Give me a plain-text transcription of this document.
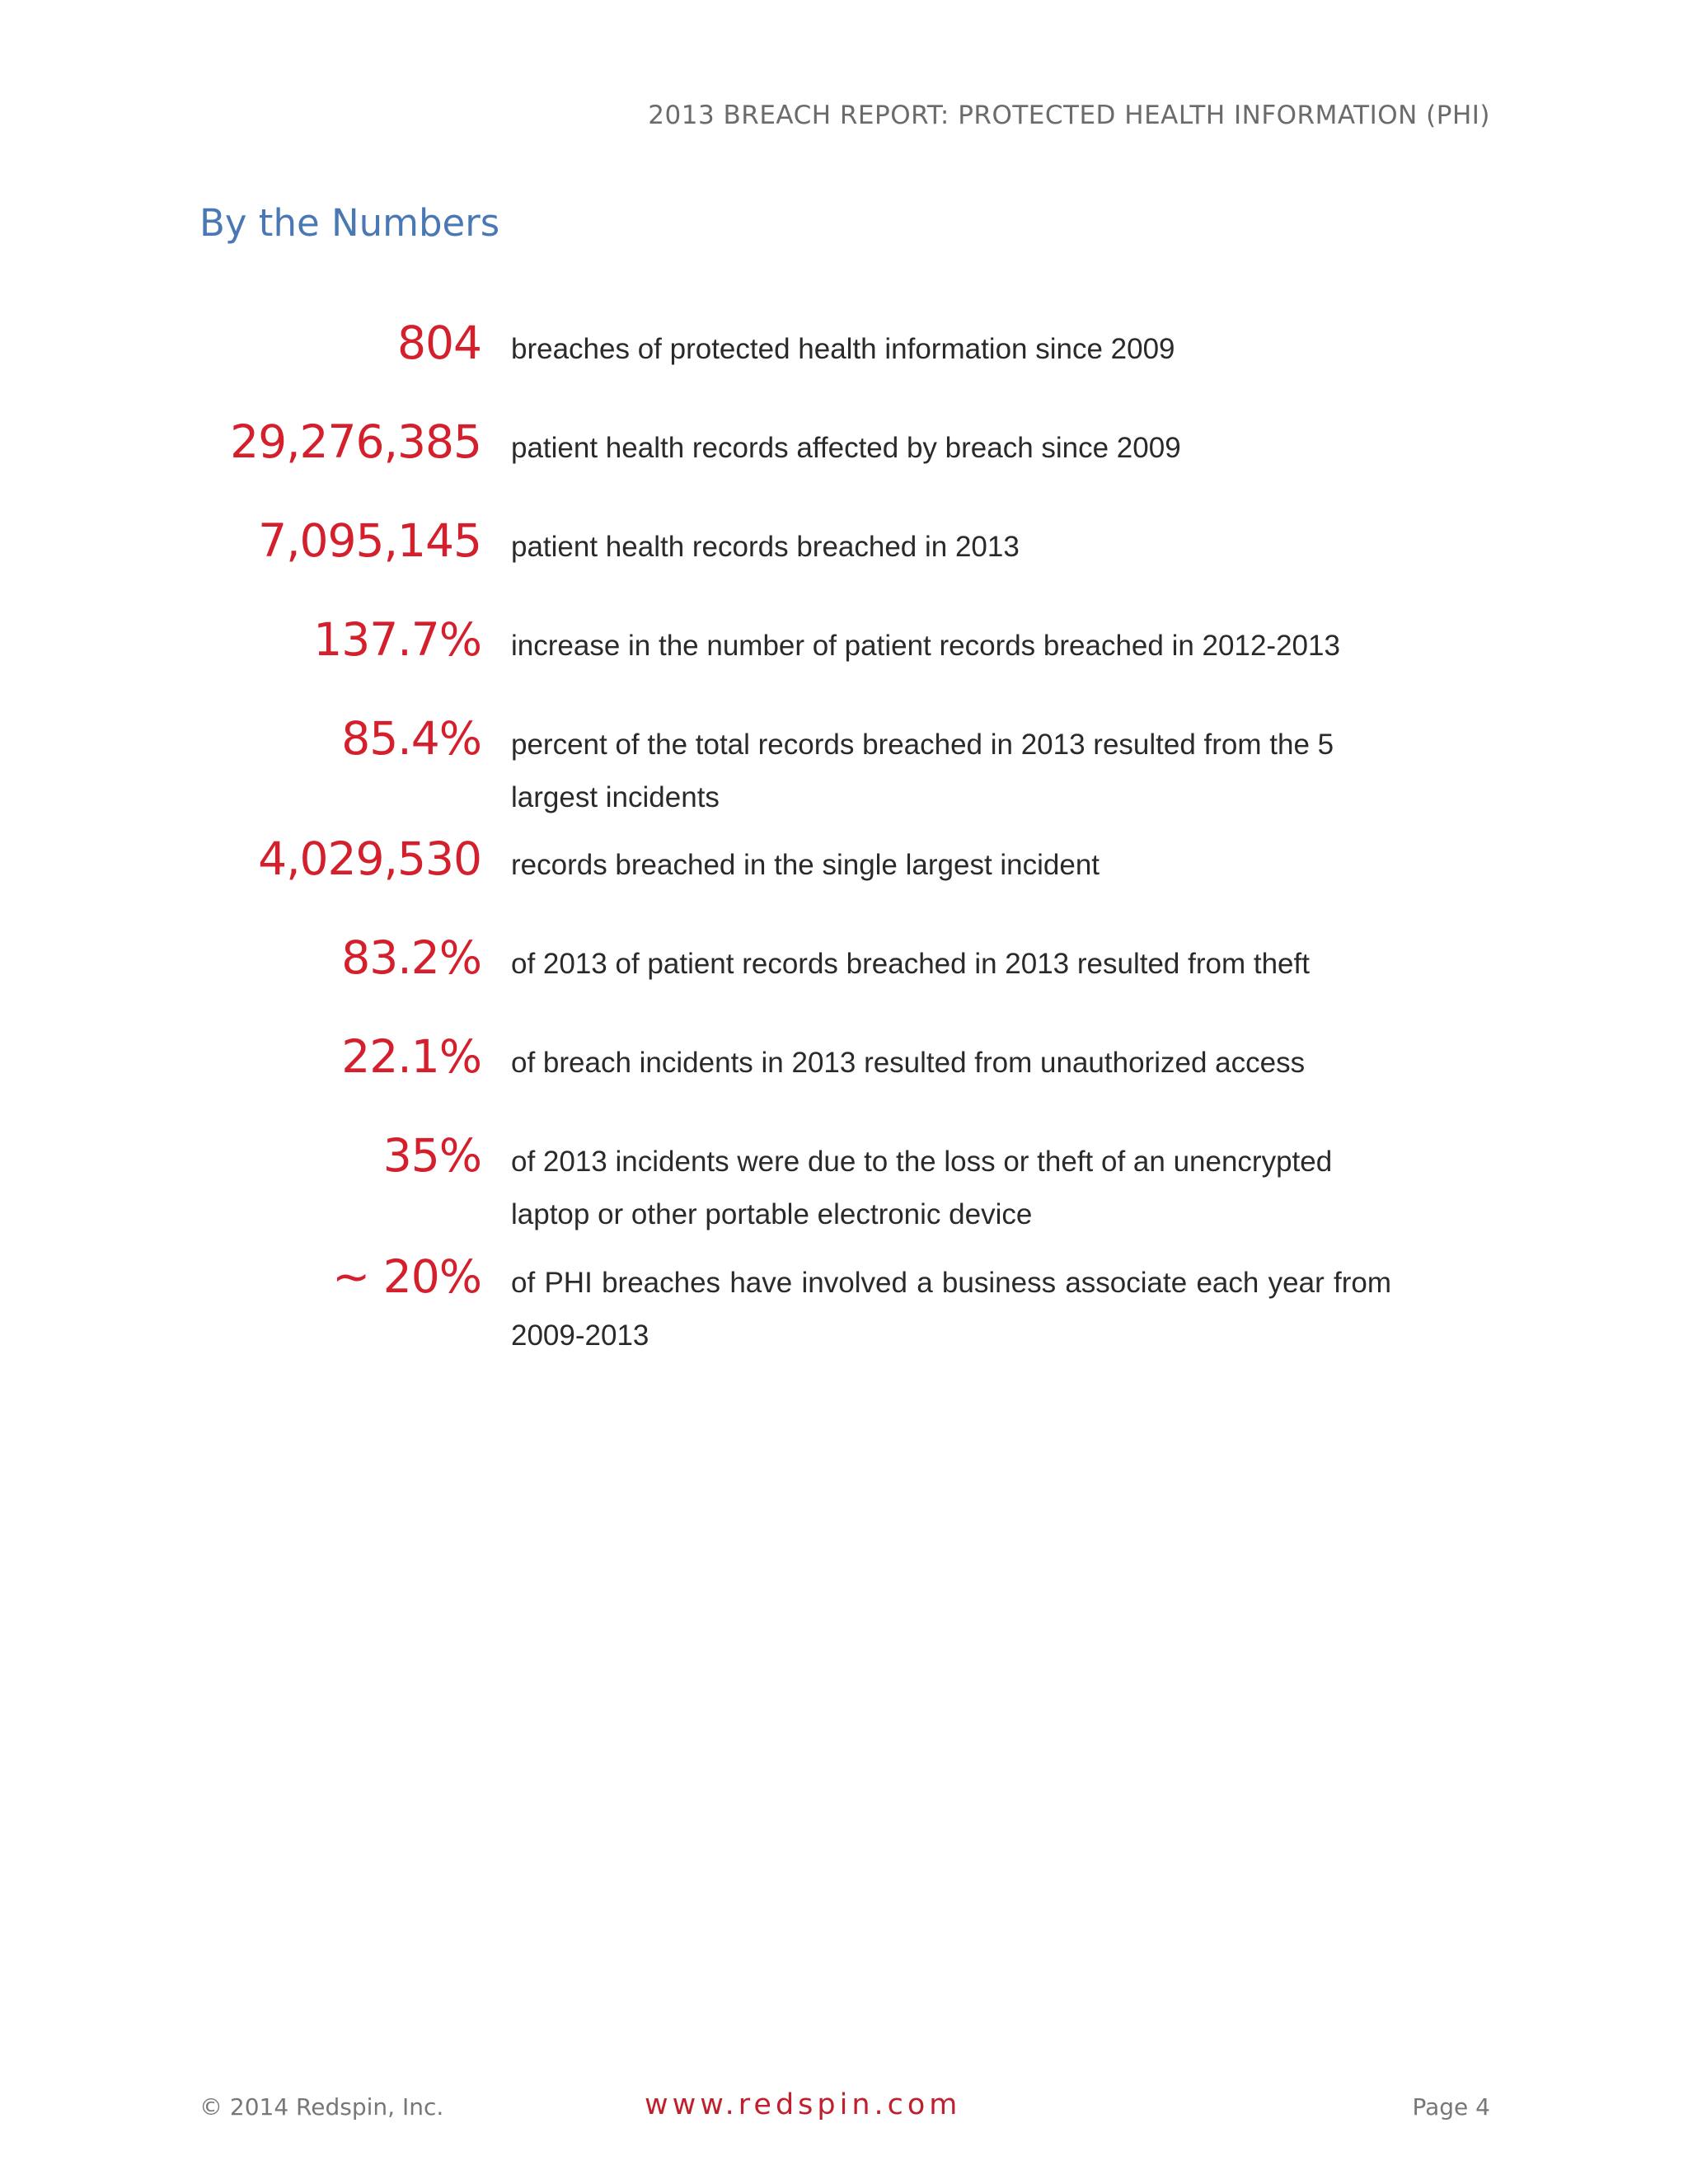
2013 BREACH REPORT: PROTECTED HEALTH INFORMATION (PHI)
By the Numbers
804 breaches of protected health information since 2009
29,276,385 patient health records affected by breach since 2009
7,095,145 patient health records breached in 2013
137.7% increase in the number of patient records breached in 2012-2013
85.4% percent of the total records breached in 2013 resulted from the 5 largest incidents
4,029,530 records breached in the single largest incident
83.2% of 2013 of patient records breached in 2013 resulted from theft
22.1% of breach incidents in 2013 resulted from unauthorized access
35% of 2013 incidents were due to the loss or theft of an unencrypted laptop or other portable electronic device
~ 20% of PHI breaches have involved a business associate each year from 2009-2013
© 2014 Redspin, Inc.	www.redspin.com	Page 4
